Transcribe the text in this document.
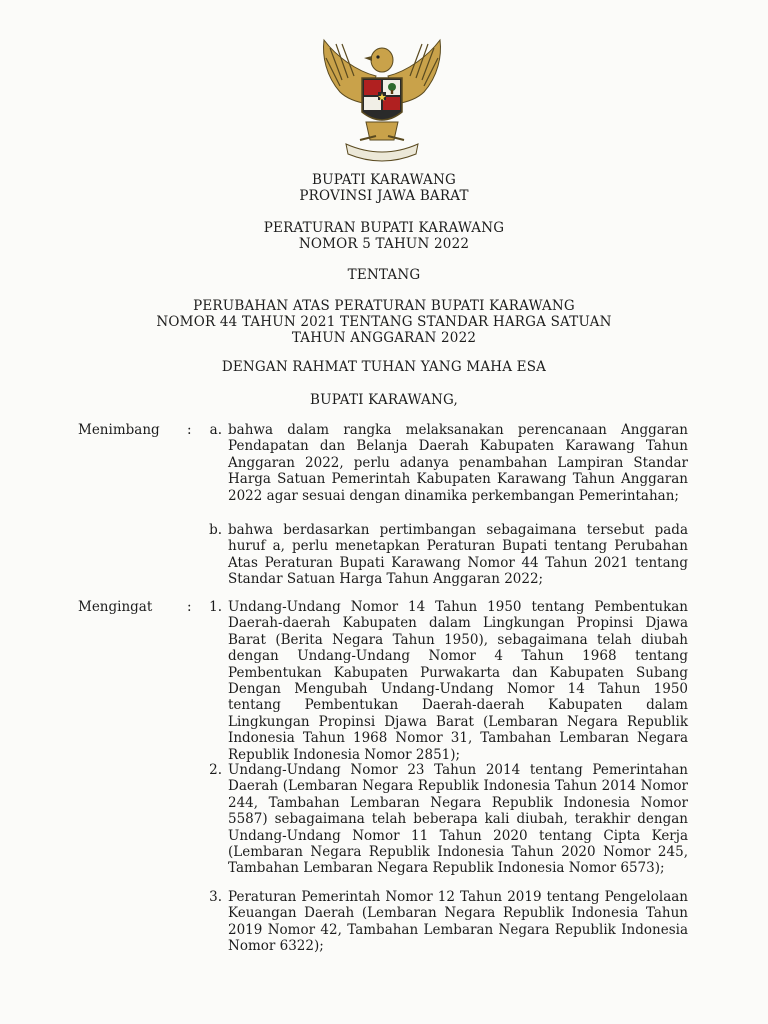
BUPATI KARAWANG
PROVINSI JAWA BARAT
PERATURAN BUPATI KARAWANG
NOMOR 5 TAHUN 2022
TENTANG
PERUBAHAN ATAS PERATURAN BUPATI KARAWANG
NOMOR 44 TAHUN 2021 TENTANG STANDAR HARGA SATUAN
TAHUN ANGGARAN 2022
DENGAN RAHMAT TUHAN YANG MAHA ESA
BUPATI KARAWANG,
Menimbang :	a. bahwa dalam rangka melaksanakan perencanaan Anggaran Pendapatan dan Belanja Daerah Kabupaten Karawang Tahun Anggaran 2022, perlu adanya penambahan Lampiran Standar Harga Satuan Pemerintah Kabupaten Karawang Tahun Anggaran 2022 agar sesuai dengan dinamika perkembangan Pemerintahan;
b. bahwa berdasarkan pertimbangan sebagaimana tersebut pada huruf a, perlu menetapkan Peraturan Bupati tentang Perubahan Atas Peraturan Bupati Karawang Nomor 44 Tahun 2021 tentang Standar Satuan Harga Tahun Anggaran 2022;
Mengingat	:	1. Undang-Undang Nomor 14 Tahun 1950 tentang Pembentukan Daerah-daerah Kabupaten dalam Lingkungan Propinsi Djawa Barat (Berita Negara Tahun 1950), sebagaimana telah diubah dengan Undang-Undang Nomor 4 Tahun 1968 tentang Pembentukan Kabupaten Purwakarta dan Kabupaten Subang Dengan Mengubah Undang-Undang Nomor 14 Tahun 1950 tentang Pembentukan Daerah-daerah Kabupaten dalam Lingkungan Propinsi Djawa Barat (Lembaran Negara Republik Indonesia Tahun 1968 Nomor 31, Tambahan Lembaran Negara Republik Indonesia Nomor 2851);
2. Undang-Undang Nomor 23 Tahun 2014 tentang Pemerintahan Daerah (Lembaran Negara Republik Indonesia Tahun 2014 Nomor 244, Tambahan Lembaran Negara Republik Indonesia Nomor 5587) sebagaimana telah beberapa kali diubah, terakhir dengan Undang-Undang Nomor 11 Tahun 2020 tentang Cipta Kerja (Lembaran Negara Republik Indonesia Tahun 2020 Nomor 245, Tambahan Lembaran Negara Republik Indonesia Nomor 6573);
3. Peraturan Pemerintah Nomor 12 Tahun 2019 tentang Pengelolaan Keuangan Daerah (Lembaran Negara Republik Indonesia Tahun 2019 Nomor 42, Tambahan Lembaran Negara Republik Indonesia Nomor 6322);
